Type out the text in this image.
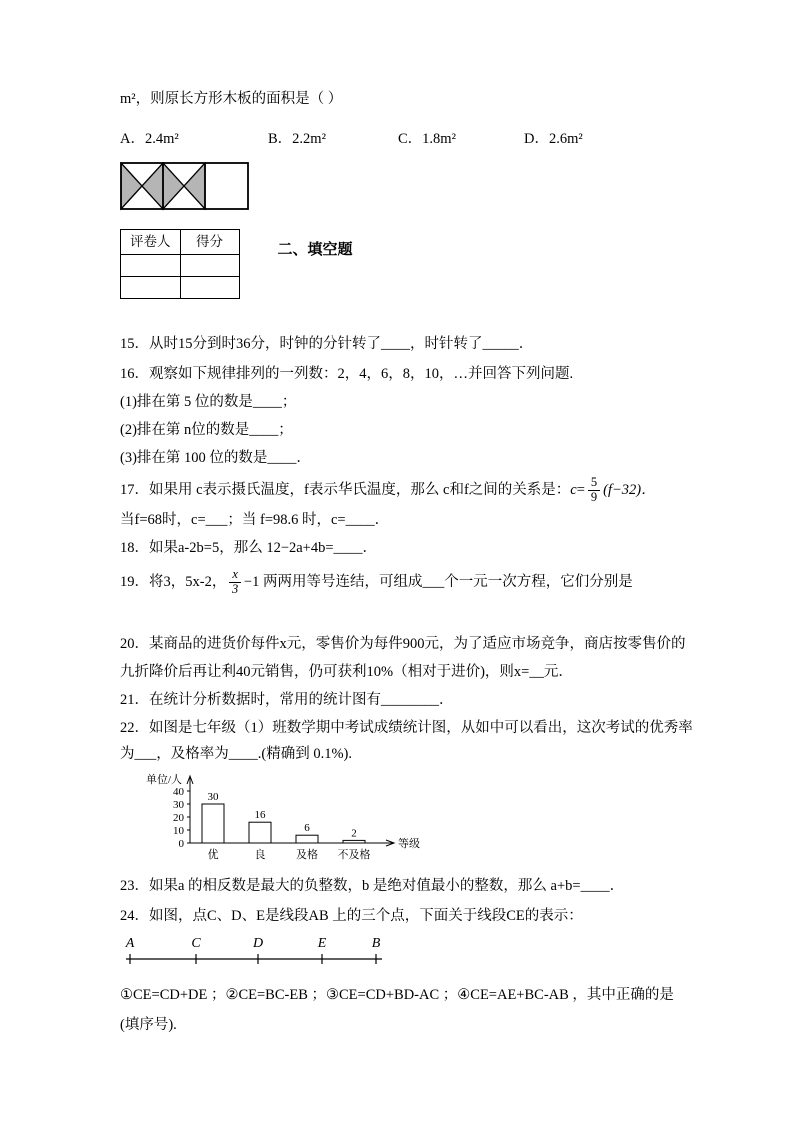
m²，则原长方形木板的面积是（ ）
A．2.4m²	B．2.2m²	C．1.8m²	D．2.6m²
评卷人	得分

二、填空题
15．从时15分到时36分，时钟的分针转了____，时针转了_____．
16．观察如下规律排列的一列数：2，4，6，8，10，…并回答下列问题.
(1)排在第 5 位的数是____；
(2)排在第 n位的数是____；
(3)排在第 100 位的数是____．
17．如果用 c表示摄氏温度，f表示华氏温度，那么 c和f之间的关系是： $c = \frac{5}{9} (f-32)$．
当f=68时，c=___；当 f=98.6 时，c=____．
18．如果a-2b=5，那么 12−2a+4b=____．
19．将3，5x-2， $\frac{x}{3} -1$ 两两用等号连结，可组成___个一元一次方程，它们分别是
20．某商品的进货价每件x元，零售价为每件900元，为了适应市场竞争，商店按零售价的
九折降价后再让利40元销售，仍可获利10%（相对于进价)，则x=__元．
21．在统计分析数据时，常用的统计图有________．
22．如图是七年级（1）班数学期中考试成绩统计图，从如中可以看出，这次考试的优秀率
为___，及格率为____.(精确到 0.1%).
单位/人
0
10
20
30
40
等级
30
优
16
良
6
及格
2
不及格
23．如果a 的相反数是最大的负整数，b 是绝对值最小的整数，那么 a+b=____．
24．如图，点C、D、E是线段AB 上的三个点，下面关于线段CE的表示：
A	C	D	E	B
①CE=CD+DE ；②CE=BC-EB ；③CE=CD+BD-AC ；④CE=AE+BC-AB ，其中正确的是
(填序号).
